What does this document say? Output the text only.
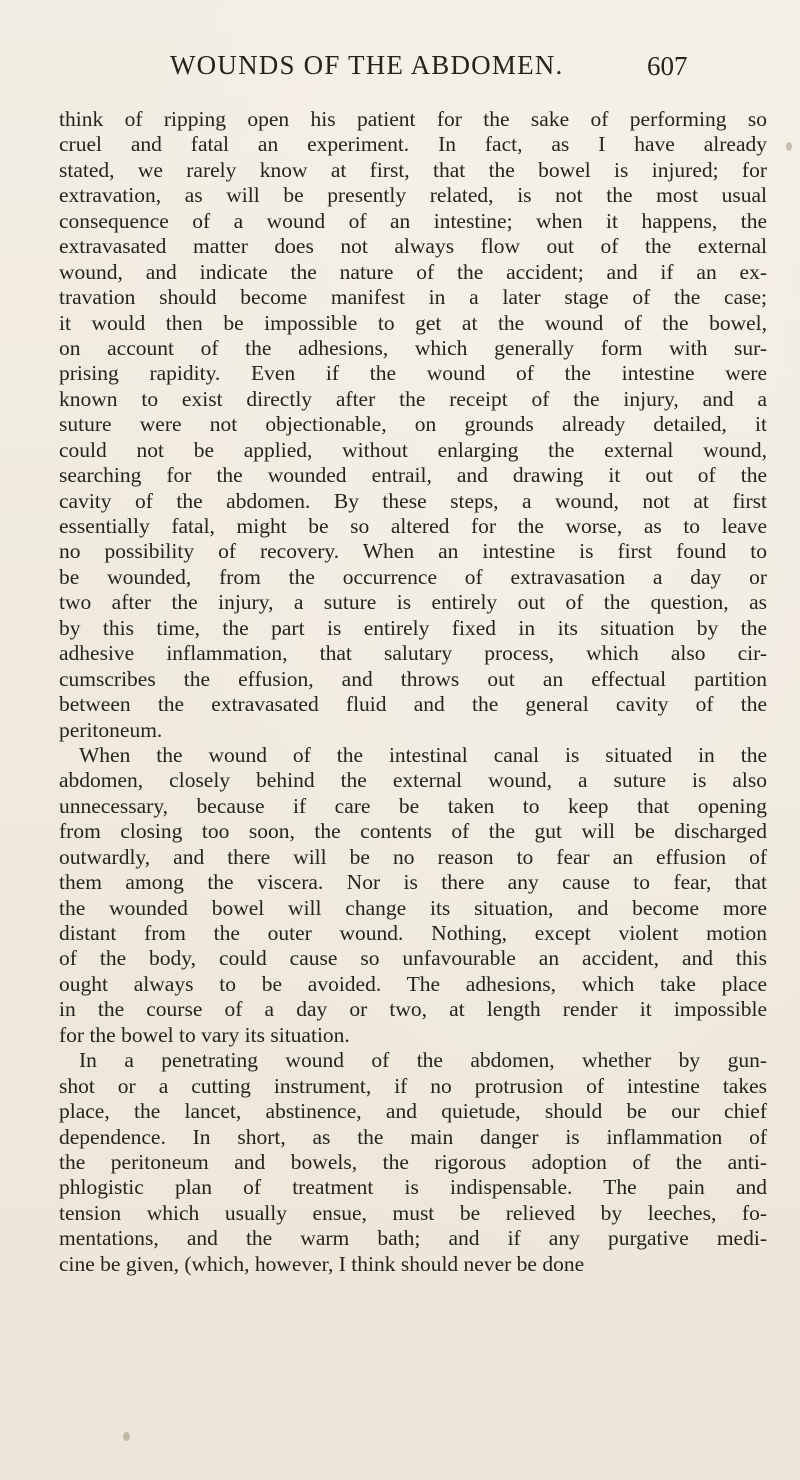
WOUNDS OF THE ABDOMEN.	607
think of ripping open his patient for the sake of performing so
cruel and fatal an experiment. In fact, as I have already
stated, we rarely know at first, that the bowel is injured; for
extravation, as will be presently related, is not the most usual
consequence of a wound of an intestine; when it happens, the
extravasated matter does not always flow out of the external
wound, and indicate the nature of the accident; and if an ex-
travation should become manifest in a later stage of the case;
it would then be impossible to get at the wound of the bowel,
on account of the adhesions, which generally form with sur-
prising rapidity. Even if the wound of the intestine were
known to exist directly after the receipt of the injury, and a
suture were not objectionable, on grounds already detailed, it
could not be applied, without enlarging the external wound,
searching for the wounded entrail, and drawing it out of the
cavity of the abdomen. By these steps, a wound, not at first
essentially fatal, might be so altered for the worse, as to leave
no possibility of recovery. When an intestine is first found to
be wounded, from the occurrence of extravasation a day or
two after the injury, a suture is entirely out of the question, as
by this time, the part is entirely fixed in its situation by the
adhesive inflammation, that salutary process, which also cir-
cumscribes the effusion, and throws out an effectual partition
between the extravasated fluid and the general cavity of the
peritoneum.
When the wound of the intestinal canal is situated in the
abdomen, closely behind the external wound, a suture is also
unnecessary, because if care be taken to keep that opening
from closing too soon, the contents of the gut will be discharged
outwardly, and there will be no reason to fear an effusion of
them among the viscera. Nor is there any cause to fear, that
the wounded bowel will change its situation, and become more
distant from the outer wound. Nothing, except violent motion
of the body, could cause so unfavourable an accident, and this
ought always to be avoided. The adhesions, which take place
in the course of a day or two, at length render it impossible
for the bowel to vary its situation.
In a penetrating wound of the abdomen, whether by gun-
shot or a cutting instrument, if no protrusion of intestine takes
place, the lancet, abstinence, and quietude, should be our chief
dependence. In short, as the main danger is inflammation of
the peritoneum and bowels, the rigorous adoption of the anti-
phlogistic plan of treatment is indispensable. The pain and
tension which usually ensue, must be relieved by leeches, fo-
mentations, and the warm bath; and if any purgative medi-
cine be given, (which, however, I think should never be done
